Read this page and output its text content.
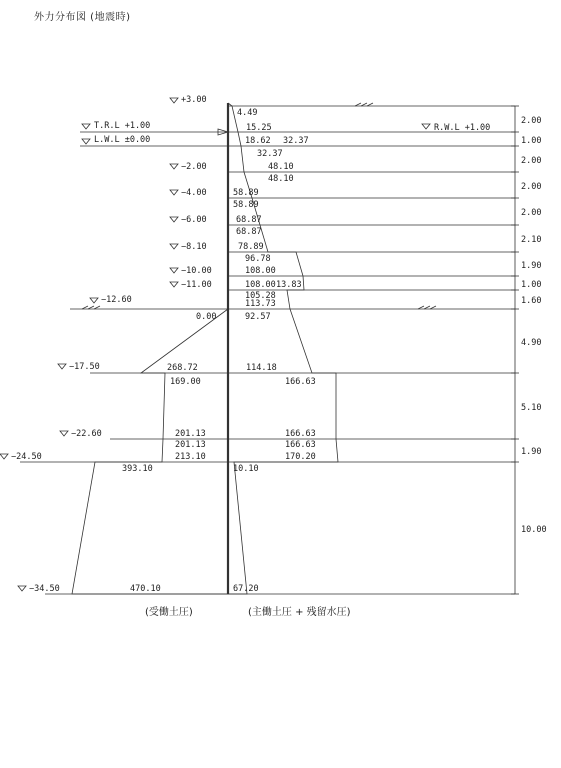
外力分布図 (地震時)
+3.00
−2.00
−4.00
−6.00
−8.10
−10.00
−11.00
−12.60
−17.50
−22.60
−24.50
−34.50
T.R.L +1.00
L.W.L ±0.00
R.W.L +1.00
4.49
15.25
18.62 32.37
32.37
48.10
48.10
58.89
58.89
68.87
68.87
78.89
96.78
108.00
108.00 13.83
105.28
113.73
92.57
114.18
166.63
166.63
166.63
170.20
10.10
67.20
0.00
268.72
169.00
201.13
201.13
213.10
393.10
470.10
2.00
1.00
2.00
2.00
2.00
2.10
1.90
1.00
1.60
4.90
5.10
1.90
10.00
(受働土圧)	(主働土圧 + 残留水圧)
